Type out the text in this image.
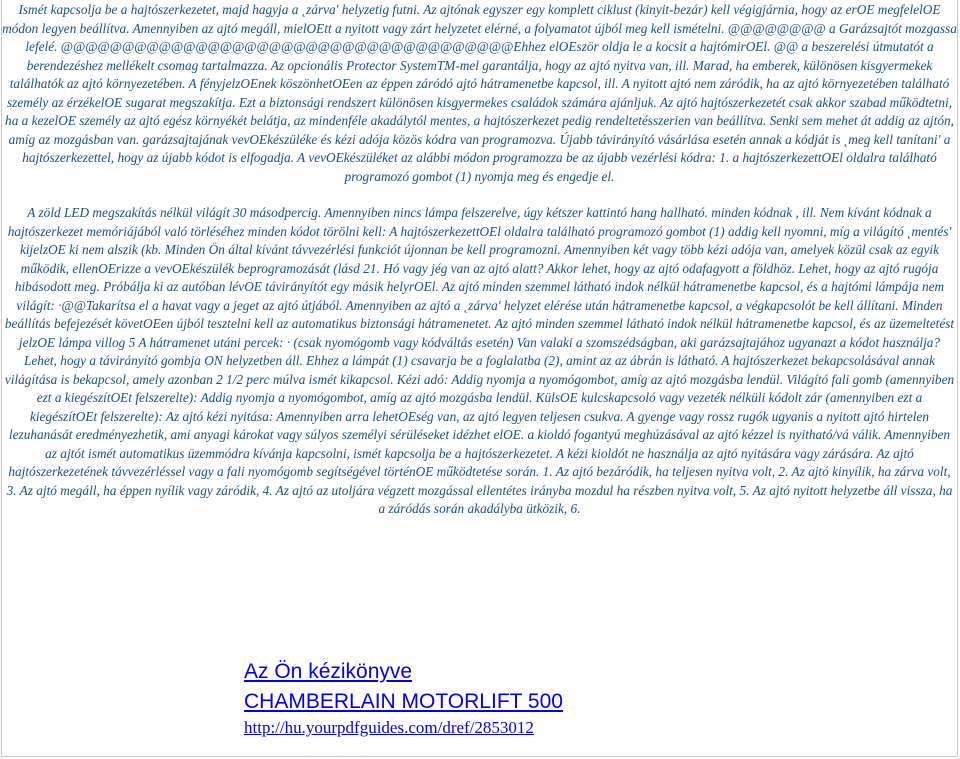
Ismét kapcsolja be a hajtószerkezetet, majd hagyja a ˛zárva' helyzetig futni. Az ajtónak egyszer egy komplett ciklust (kinyit-bezár) kell végigjárnia, hogy az erOE megfelelOE módon legyen beállítva. Amennyiben az ajtó megáll, mielOEtt a nyitott vagy zárt helyzetet elérné, a folyamatot újból meg kell ismételni. @@@@@@@@ a Garázsajtót mozgassa lefelé. @@@@@@@@@@@@@@@@@@@@@@@@@@@@@@@@@@@@@Ehhez elOEször oldja le a kocsit a hajtómirOEl. @@ a beszerelési útmutatót a berendezéshez mellékelt csomag tartalmazza. Az opcionális Protector SystemTM-mel garantálja, hogy az ajtó nyitva van, ill. Marad, ha emberek, különösen kisgyermekek találhatók az ajtó környezetében. A fényjelzOEnek köszönhetOEen az éppen záródó ajtó hátramenetbe kapcsol, ill. A nyitott ajtó nem záródik, ha az ajtó környezetében található személy az érzékelOE sugarat megszakítja. Ezt a biztonsági rendszert különösen kisgyermekes családok számára ajánljuk. Az ajtó hajtószerkezetét csak akkor szabad működtetni, ha a kezelOE személy az ajtó egész környékét belátja, az mindenféle akadálytól mentes, a hajtószerkezet pedig rendeltetésszerien van beállítva. Senki sem mehet át addig az ajtón, amíg az mozgásban van. garázsajtajának vevOEkészüléke és kézi adója közös kódra van programozva. Újabb távirányító vásárlása esetén annak a kódját is ˛meg kell tanítani' a hajtószerkezettel, hogy az újabb kódot is elfogadja. A vevOEkészüléket az alábbi módon programozza be az újabb vezérlési kódra: 1. a hajtószerkezettOEl oldalra található programozó gombot (1) nyomja meg és engedje el.

A zöld LED megszakítás nélkül világít 30 másodpercig. Amennyiben nincs lámpa felszerelve, úgy kétszer kattintó hang hallható. minden kódnak , ill. Nem kívánt kódnak a hajtószerkezet memóriájából való törléséhez minden kódot törölni kell: A hajtószerkezettOEl oldalra található programozó gombot (1) addig kell nyomni, míg a világító ˛mentés' kijelzOE ki nem alszik (kb. Minden Ön által kívánt távvezérlési funkciót újonnan be kell programozni. Amennyiben két vagy több kézi adója van, amelyek közül csak az egyik működik, ellenOErizze a vevOEkészülék beprogramozását (lásd 21. Hó vagy jég van az ajtó alatt? Akkor lehet, hogy az ajtó odafagyott a földhöz. Lehet, hogy az ajtó rugója hibásodott meg. Próbálja ki az autóban lévOE távirányítót egy másik helyrOEl. Az ajtó minden szemmel látható indok nélkül hátramenetbe kapcsol, és a hajtómi lámpája nem világít: ·@@Takarítsa el a havat vagy a jeget az ajtó útjából. Amennyiben az ajtó a ˛zárva' helyzet elérése után hátramenetbe kapcsol, a végkapcsolót be kell állítani. Minden beállítás befejezését követOEen újból tesztelni kell az automatikus biztonsági hátramenetet. Az ajtó minden szemmel látható indok nélkül hátramenetbe kapcsol, és az üzemeltetést jelzOE lámpa villog 5 A hátramenet utáni percek: · (csak nyomógomb vagy kódváltás esetén) Van valaki a szomszédságban, aki garázsajtajához ugyanazt a kódot használja? Lehet, hogy a távirányító gombja ON helyzetben áll. Ehhez a lámpát (1) csavarja be a foglalatba (2), amint az az ábrán is látható. A hajtószerkezet bekapcsolásával annak világítása is bekapcsol, amely azonban 2 1/2 perc múlva ismét kikapcsol. Kézi adó: Addig nyomja a nyomógombot, amíg az ajtó mozgásba lendül. Világító fali gomb (amennyiben ezt a kiegészítOEt felszerelte): Addig nyomja a nyomógombot, amíg az ajtó mozgásba lendül. KülsOE kulcskapcsoló vagy vezeték nélküli kódolt zár (amennyiben ezt a kiegészítOEt felszerelte): Az ajtó kézi nyitása: Amennyiben arra lehetOEség van, az ajtó legyen teljesen csukva. A gyenge vagy rossz rugók ugyanis a nyitott ajtó hirtelen lezuhanását eredményezhetik, ami anyagi károkat vagy súlyos személyi sérüléseket idézhet elOE. a kioldó fogantyú meghúzásával az ajtó kézzel is nyitható/vá válik. Amennyiben az ajtót ismét automatikus üzemmódra kívánja kapcsolni, ismét kapcsolja be a hajtószerkezetet. A kézi kioldót ne használja az ajtó nyitására vagy zárására. Az ajtó hajtószerkezetének távvezérléssel vagy a fali nyomógomb segítségével történOE működtetése során. 1. Az ajtó bezáródik, ha teljesen nyitva volt, 2. Az ajtó kinyílik, ha zárva volt, 3. Az ajtó megáll, ha éppen nyílik vagy záródik, 4. Az ajtó az utoljára végzett mozgással ellentétes irányba mozdul ha részben nyitva volt, 5. Az ajtó nyitott helyzetbe áll vissza, ha a záródás során akadályba ütközik, 6.

Az Ön kézikönyve
CHAMBERLAIN MOTORLIFT 500
http://hu.yourpdfguides.com/dref/2853012
